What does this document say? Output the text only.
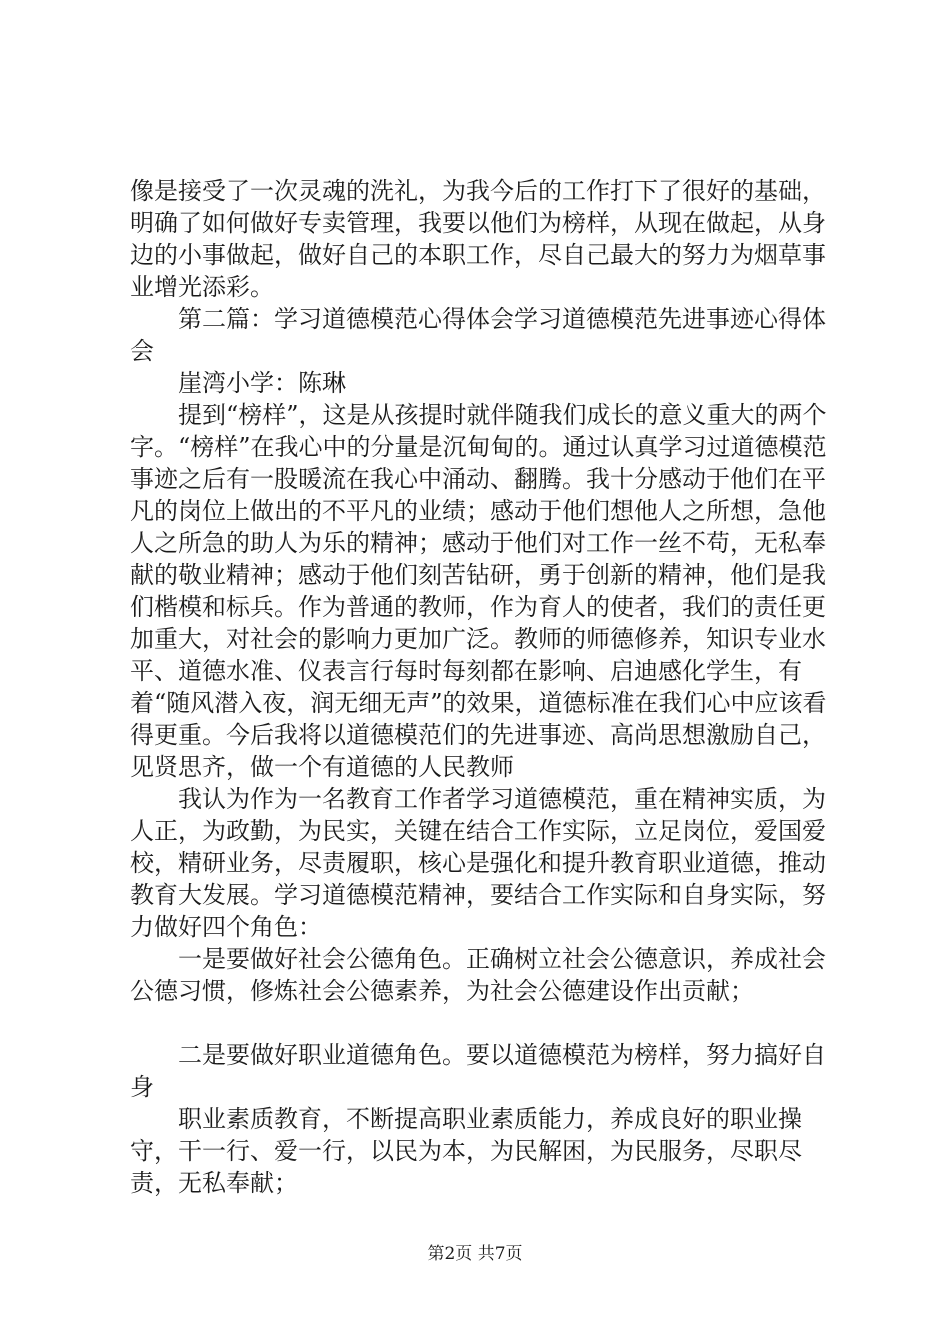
像是接受了一次灵魂的洗礼，为我今后的工作打下了很好的基础，明确了如何做好专卖管理，我要以他们为榜样，从现在做起，从身边的小事做起，做好自己的本职工作，尽自己最大的努力为烟草事业增光添彩。

第二篇：学习道德模范心得体会学习道德模范先进事迹心得体会

崖湾小学：陈琳

提到“榜样”，这是从孩提时就伴随我们成长的意义重大的两个字。“榜样”在我心中的分量是沉甸甸的。通过认真学习过道德模范事迹之后有一股暖流在我心中涌动、翻腾。我十分感动于他们在平凡的岗位上做出的不平凡的业绩；感动于他们想他人之所想，急他人之所急的助人为乐的精神；感动于他们对工作一丝不苟，无私奉献的敬业精神；感动于他们刻苦钻研，勇于创新的精神，他们是我们楷模和标兵。作为普通的教师，作为育人的使者，我们的责任更加重大，对社会的影响力更加广泛。教师的师德修养，知识专业水平、道德水准、仪表言行每时每刻都在影响、启迪感化学生，有着“随风潜入夜，润无细无声”的效果，道德标准在我们心中应该看得更重。今后我将以道德模范们的先进事迹、高尚思想激励自己，见贤思齐，做一个有道德的人民教师

我认为作为一名教育工作者学习道德模范，重在精神实质，为人正，为政勤，为民实，关键在结合工作实际，立足岗位，爱国爱校，精研业务，尽责履职，核心是强化和提升教育职业道德，推动教育大发展。学习道德模范精神，要结合工作实际和自身实际，努力做好四个角色：

一是要做好社会公德角色。正确树立社会公德意识，养成社会公德习惯，修炼社会公德素养，为社会公德建设作出贡献；

二是要做好职业道德角色。要以道德模范为榜样，努力搞好自身

职业素质教育，不断提高职业素质能力，养成良好的职业操守，干一行、爱一行，以民为本，为民解困，为民服务，尽职尽责，无私奉献；

第2页 共7页
